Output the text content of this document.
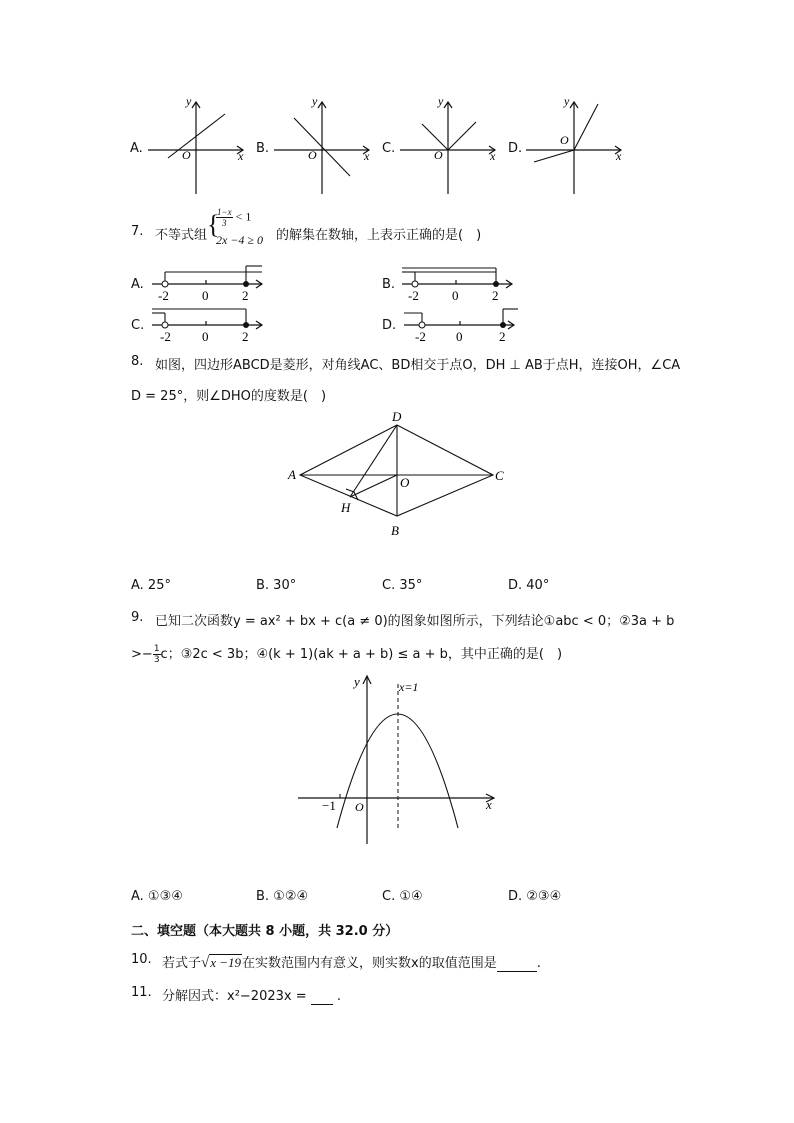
A.
y
x
O	B.
y
x
O	C.
y
x
O	D.
y
x
O
7. 不等式组 {
$\frac{1-x}{3} < 1$
2x −4 ≥ 0 的解集在数轴，上表示正确的是(　)
A.
-2	0	2
B.
-2	0	2
C.
-2 0	2
D.
-2 0	2
8. 如图，四边形ABCD是菱形，对角线AC、BD相交于点O，DH ⊥ AB于点H，连接OH，∠CA
D = 25°，则∠DHO的度数是(　)
A
D
C
B
O
H
A. 25°	B. 30°	C. 35°	D. 40°
9. 已知二次函数y = ax² + bx + c(a ≠ 0)的图象如图所示，下列结论①abc < 0；②3a + b
>− $\frac{1}{3}$ c；③2c < 3b；④(k + 1)(ak + a + b) ≤ a + b，其中正确的是(　)
y
x
O
−1
x=1
A. ①③④	B. ①②④	C. ①④	D. ②③④
二、填空题（本大题共 8 小题，共 32.0 分）
10. 若式子√x −19在实数范围内有意义，则实数x的取值范围是	.
11. 分解因式：x²−2023x = .
